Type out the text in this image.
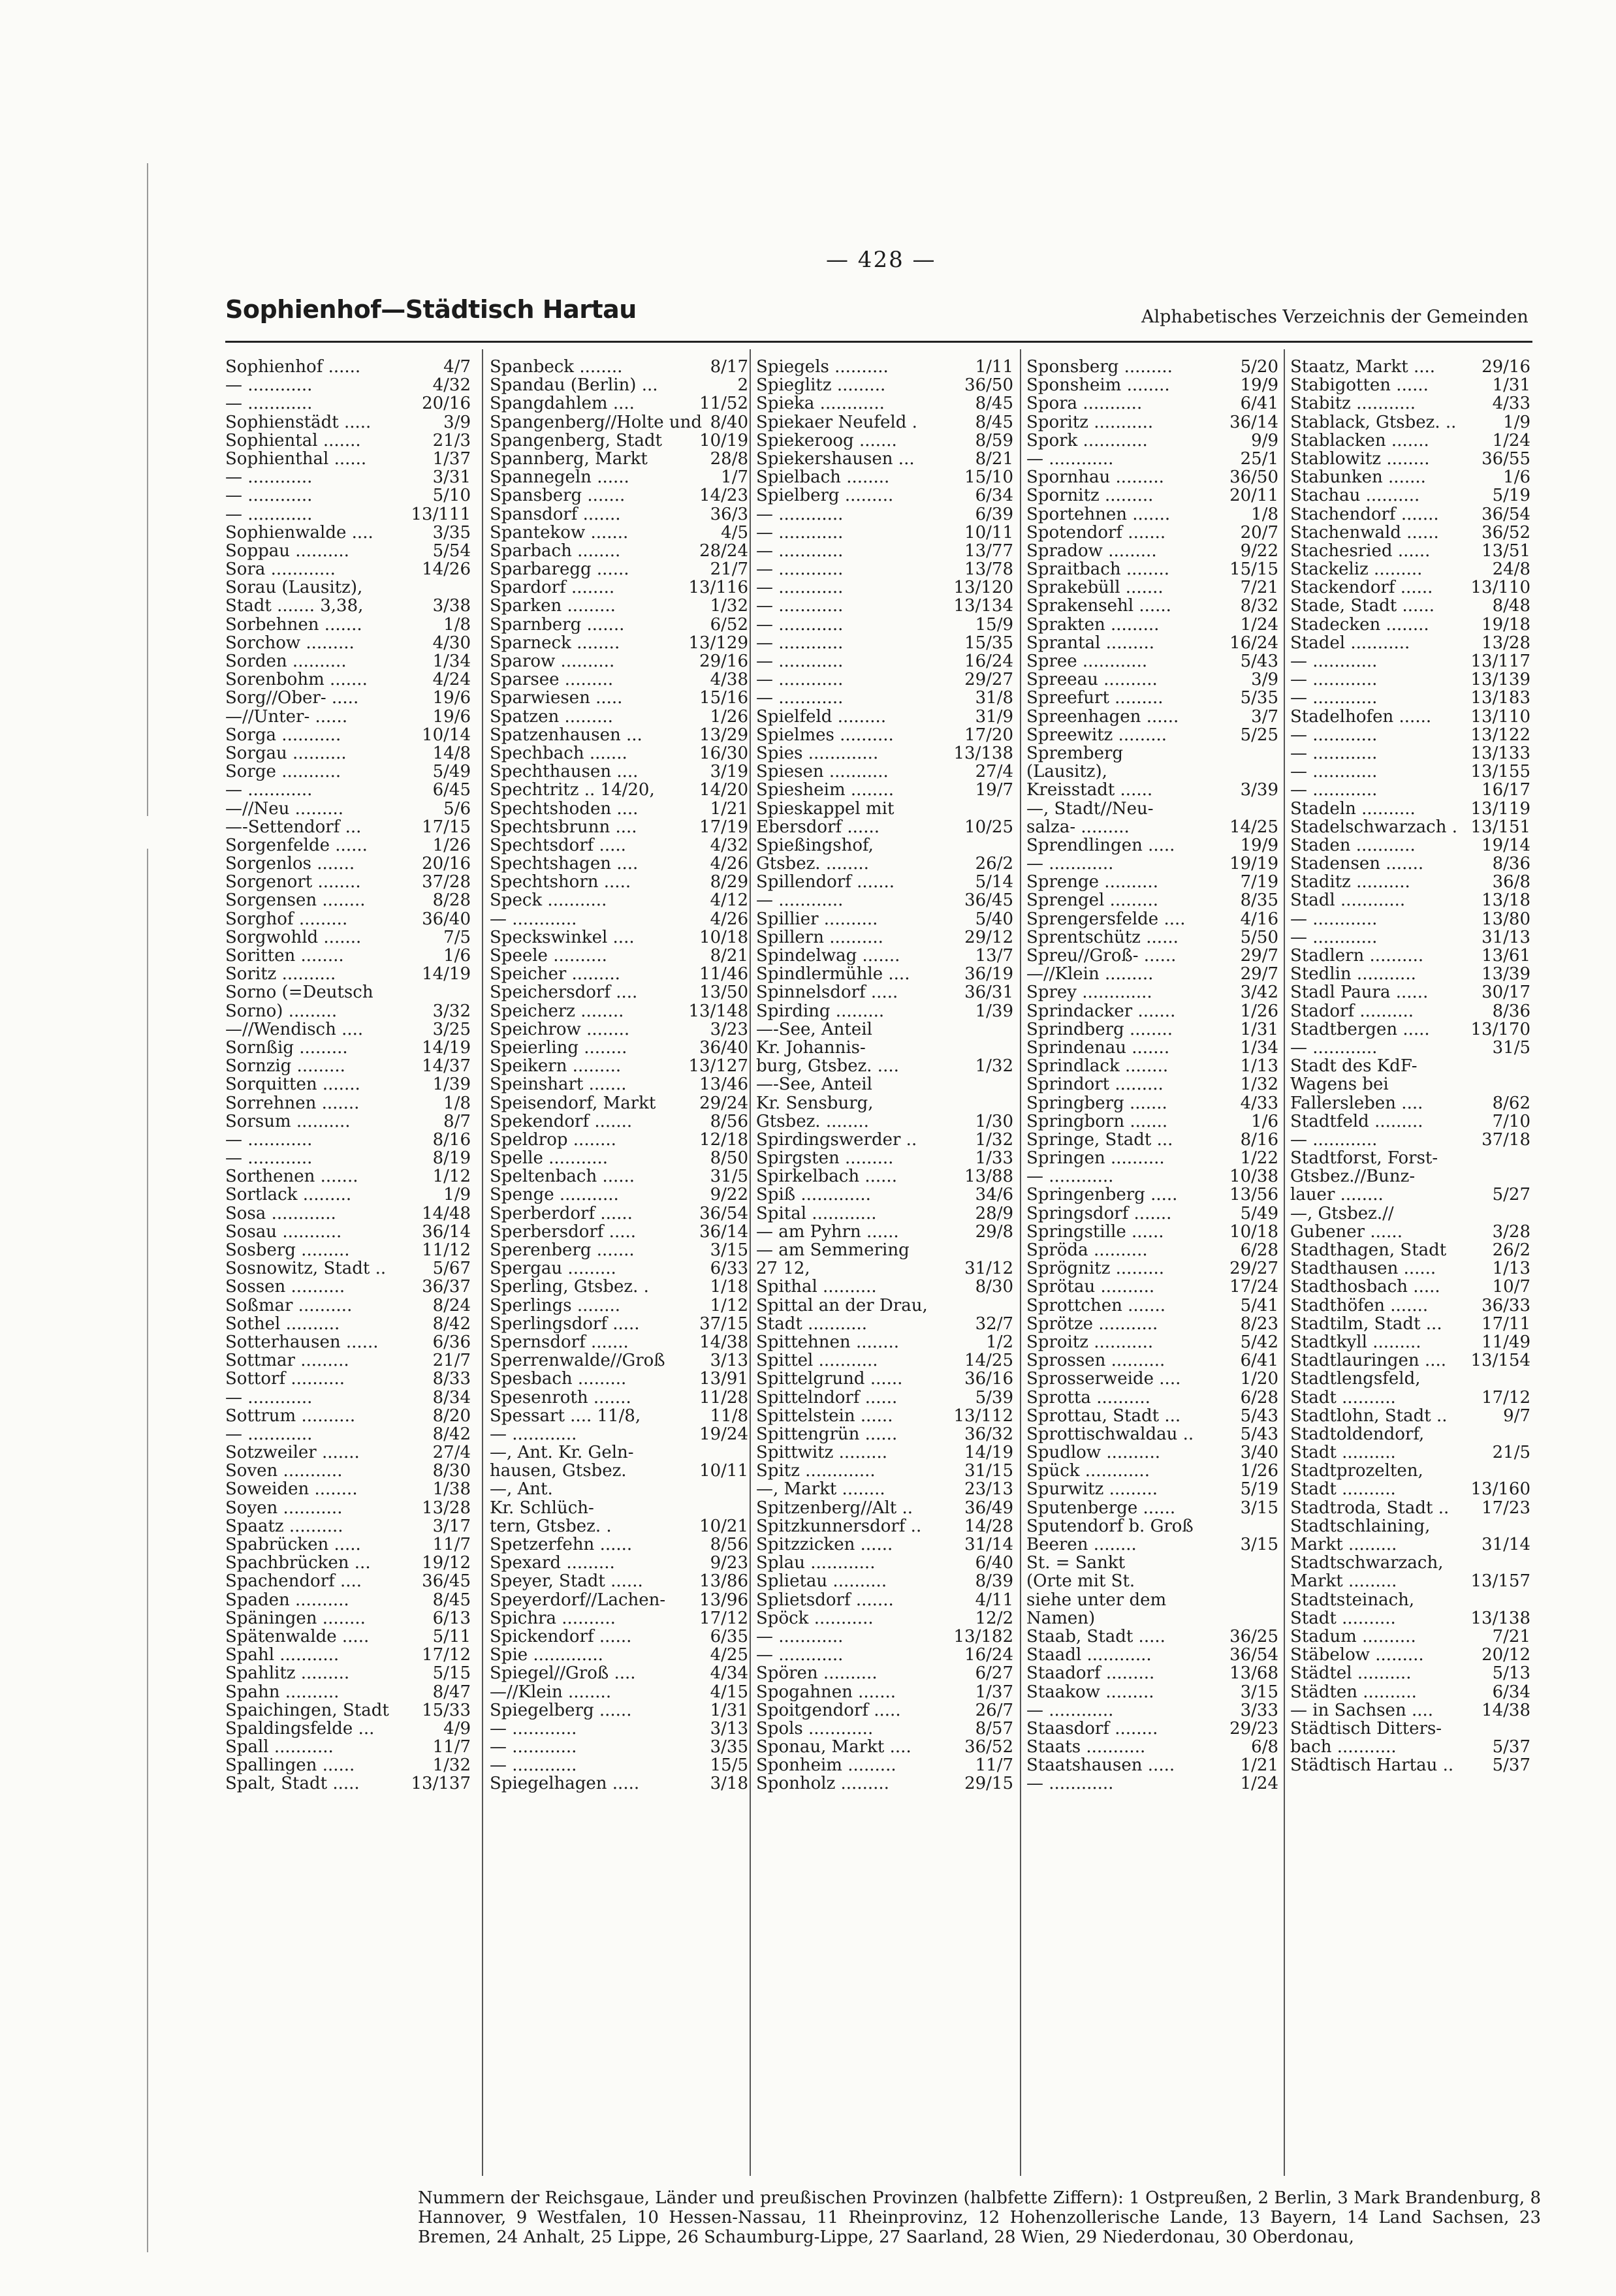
— 428 —
Sophienhof—Städtisch Hartau	Alphabetisches Verzeichnis der Gemeinden
Sophienhof ......	4/7
— ............	4/32
— ............	20/16
Sophienstädt .....	3/9
Sophiental .......	21/3
Sophienthal ......	1/37
— ............	3/31
— ............	5/10
— ............	13/111
Sophienwalde ....	3/35
Soppau ..........	5/54
Sora ............	14/26
Sorau (Lausitz),
Stadt ....... 3,38,	3/38
Sorbehnen .......	1/8
Sorchow .........	4/30
Sorden ..........	1/34
Sorenbohm .......	4/24
Sorg//Ober- .....	19/6
—//Unter- ......	19/6
Sorga ...........	10/14
Sorgau ..........	14/8
Sorge ...........	5/49
— ............	6/45
—//Neu .........	5/6
—-Settendorf ...	17/15
Sorgenfelde ......	1/26
Sorgenlos .......	20/16
Sorgenort ........	37/28
Sorgensen ........	8/28
Sorghof .........	36/40
Sorgwohld .......	7/5
Soritten ........	1/6
Soritz ..........	14/19
Sorno (=Deutsch
Sorno) .........	3/32
—//Wendisch ....	3/25
Sornßig .........	14/19
Sornzig .........	14/37
Sorquitten .......	1/39
Sorrehnen .......	1/8
Sorsum ..........	8/7
— ............	8/16
— ............	8/19
Sorthenen .......	1/12
Sortlack .........	1/9
Sosa ............	14/48
Sosau ...........	36/14
Sosberg .........	11/12
Sosnowitz, Stadt ..	5/67
Sossen ..........	36/37
Soßmar ..........	8/24
Sothel ..........	8/42
Sotterhausen ......	6/36
Sottmar .........	21/7
Sottorf ..........	8/33
— ............	8/34
Sottrum ..........	8/20
— ............	8/42
Sotzweiler .......	27/4
Soven ...........	8/30
Soweiden ........	1/38
Soyen ...........	13/28
Spaatz ..........	3/17
Spabrücken .....	11/7
Spachbrücken ...	19/12
Spachendorf ....	36/45
Spaden ..........	8/45
Späningen ........	6/13
Spätenwalde .....	5/11
Spahl ...........	17/12
Spahlitz .........	5/15
Spahn ..........	8/47
Spaichingen, Stadt 15/33
Spaldingsfelde ...	4/9
Spall ...........	11/7
Spallingen ......	1/32
Spalt, Stadt .....	13/137
Spanbeck ........	8/17
Spandau (Berlin) ...	2
Spangdahlem ....	11/52
Spangenberg//Holte und 8/40
Spangenberg, Stadt 10/19
Spannberg, Markt	28/8
Spannegeln ......	1/7
Spansberg .......	14/23
Spansdorf .......	36/3
Spantekow .......	4/5
Sparbach ........	28/24
Sparbaregg ......	21/7
Spardorf ........	13/116
Sparken .........	1/32
Sparnberg .......	6/52
Sparneck ........	13/129
Sparow ..........	29/16
Sparsee .........	4/38
Sparwiesen .....	15/16
Spatzen .........	1/26
Spatzenhausen ...	13/29
Spechbach .......	16/30
Spechthausen ....	3/19
Spechtritz .. 14/20,	14/20
Spechtshoden ....	1/21
Spechtsbrunn ....	17/19
Spechtsdorf .....	4/32
Spechtshagen ....	4/26
Spechtshorn .....	8/29
Speck ...........	4/12
— ............	4/26
Speckswinkel ....	10/18
Speele ..........	8/21
Speicher .........	11/46
Speichersdorf ....	13/50
Speicherz ........	13/148
Speichrow ........	3/23
Speierling ........	36/40
Speikern .........	13/127
Speinshart .......	13/46
Speisendorf, Markt	29/24
Spekendorf .......	8/56
Speldrop ........	12/18
Spelle ...........	8/50
Speltenbach ......	31/5
Spenge ...........	9/22
Sperberdorf ......	36/54
Sperbersdorf .....	36/14
Sperenberg .......	3/15
Spergau .........	6/33
Sperling, Gtsbez. .	1/18
Sperlings ........	1/12
Sperlingsdorf .....	37/15
Spernsdorf .......	14/38
Sperrenwalde//Groß	3/13
Spesbach .........	13/91
Spesenroth .......	11/28
Spessart .... 11/8,	11/8
— ............	19/24
—, Ant. Kr. Geln-
hausen, Gtsbez.	10/11
—, Ant.
Kr. Schlüch-
tern, Gtsbez. .	10/21
Spetzerfehn ......	8/56
Spexard .........	9/23
Speyer, Stadt ......	13/86
Speyerdorf//Lachen- 13/96
Spichra ..........	17/12
Spickendorf ......	6/35
Spie .............	4/25
Spiegel//Groß ....	4/34
—//Klein ........	4/15
Spiegelberg ......	1/31
— ............	3/13
— ............	3/35
— ............	15/5
Spiegelhagen .....	3/18
Spiegels ..........	1/11
Spieglitz .........	36/50
Spieka ............	8/45
Spiekaer Neufeld .	8/45
Spiekeroog .......	8/59
Spiekershausen ...	8/21
Spielbach ........	15/10
Spielberg .........	6/34
— ............	6/39
— ............	10/11
— ............	13/77
— ............	13/78
— ............	13/120
— ............	13/134
— ............	15/9
— ............	15/35
— ............	16/24
— ............	29/27
— ............	31/8
Spielfeld .........	31/9
Spielmes ..........	17/20
Spies .............	13/138
Spiesen ...........	27/4
Spiesheim ........	19/7
Spieskappel mit
Ebersdorf ......	10/25
Spießingshof,
Gtsbez. ........	26/2
Spillendorf .......	5/14
— ............	36/45
Spillier ..........	5/40
Spillern ..........	29/12
Spindelwag .......	13/7
Spindlermühle ....	36/19
Spinnelsdorf .....	36/31
Spirding .........	1/39
—-See, Anteil
Kr. Johannis-
burg, Gtsbez. ....	1/32
—-See, Anteil
Kr. Sensburg,
Gtsbez. ........	1/30
Spirdingswerder ..	1/32
Spirgsten .........	1/33
Spirkelbach ......	13/88
Spiß .............	34/6
Spital ............	28/9
— am Pyhrn ......	29/8
— am Semmering
27 12,	31/12
Spithal ..........	8/30
Spittal an der Drau,
Stadt ...........	32/7
Spittehnen ........	1/2
Spittel ...........	14/25
Spittelgrund ......	36/16
Spittelndorf ......	5/39
Spittelstein ......	13/112
Spittengrün ......	36/32
Spittwitz .........	14/19
Spitz .............	31/15
—, Markt ........	23/13
Spitzenberg//Alt ..	36/49
Spitzkunnersdorf ..	14/28
Spitzzicken ......	31/14
Splau ............	6/40
Splietau ..........	8/39
Splietsdorf .......	4/11
Spöck ...........	12/2
— ............	13/182
— ............	16/24
Spören ..........	6/27
Spogahnen .......	1/37
Spoitgendorf .....	26/7
Spols ............	8/57
Sponau, Markt ....	36/52
Sponheim .........	11/7
Sponholz .........	29/15
Sponsberg .........	5/20
Sponsheim ........	19/9
Spora ...........	6/41
Sporitz ...........	36/14
Spork ............	9/9
— ............	25/1
Spornhau .........	36/50
Spornitz .........	20/11
Sportehnen .......	1/8
Spotendorf .......	20/7
Spradow .........	9/22
Spraitbach ........	15/15
Sprakebüll .......	7/21
Sprakensehl ......	8/32
Sprakten .........	1/24
Sprantal .........	16/24
Spree ............	5/43
Spreeau ..........	3/9
Spreefurt .........	5/35
Spreenhagen ......	3/7
Spreewitz .........	5/25
Spremberg
(Lausitz),
Kreisstadt ......	3/39
—, Stadt//Neu-
salza- .........	14/25
Sprendlingen .....	19/9
— ............	19/19
Sprenge ..........	7/19
Sprengel .........	8/35
Sprengersfelde ....	4/16
Sprentschütz ......	5/50
Spreu//Groß- ......	29/7
—//Klein .........	29/7
Sprey .............	3/42
Sprindacker .......	1/26
Sprindberg ........	1/31
Sprindenau .......	1/34
Sprindlack ........	1/13
Sprindort .........	1/32
Springberg .......	4/33
Springborn .......	1/6
Springe, Stadt ...	8/16
Springen ..........	1/22
— ............	10/38
Springenberg .....	13/56
Springsdorf .......	5/49
Springstille ......	10/18
Spröda ..........	6/28
Sprögnitz .........	29/27
Sprötau ..........	17/24
Sprottchen .......	5/41
Sprötze ...........	8/23
Sproitz ...........	5/42
Sprossen ..........	6/41
Sprosserweide ....	1/20
Sprotta ..........	6/28
Sprottau, Stadt ...	5/43
Sprottischwaldau ..	5/43
Spudlow ..........	3/40
Spück ............	1/26
Spurwitz .........	5/19
Sputenberge ......	3/15
Sputendorf b. Groß
Beeren ........	3/15
St. = Sankt
(Orte mit St.
siehe unter dem
Namen)
Staab, Stadt .....	36/25
Staadl ............	36/54
Staadorf .........	13/68
Staakow .........	3/15
— ............	3/33
Staasdorf ........	29/23
Staats ...........	6/8
Staatshausen .....	1/21
— ............	1/24
Staatz, Markt ....	29/16
Stabigotten ......	1/31
Stabitz ...........	4/33
Stablack, Gtsbez. ..	1/9
Stablacken .......	1/24
Stablowitz ........	36/55
Stabunken .......	1/6
Stachau ..........	5/19
Stachendorf .......	36/54
Stachenwald ......	36/52
Stachesried ......	13/51
Stackeliz .........	24/8
Stackendorf ...... 13/110
Stade, Stadt ......	8/48
Stadecken ........	19/18
Stadel ...........	13/28
— ............	13/117
— ............	13/139
— ............	13/183
Stadelhofen ...... 13/110
— ............	13/122
— ............	13/133
— ............	13/155
— ............	16/17
Stadeln ..........	13/119
Stadelschwarzach . 13/151
Staden ...........	19/14
Stadensen .......	8/36
Staditz ..........	36/8
Stadl ............	13/18
— ............	13/80
— ............	31/13
Stadlern ..........	13/61
Stedlin ...........	13/39
Stadl Paura ......	30/17
Stadorf ..........	8/36
Stadtbergen ..... 13/170
— ............	31/5
Stadt des KdF-
Wagens bei
Fallersleben ....	8/62
Stadtfeld .........	7/10
— ............	37/18
Stadtforst, Forst-
Gtsbez.//Bunz-
lauer ........	5/27
—, Gtsbez.//
Gubener ......	3/28
Stadthagen, Stadt	26/2
Stadthausen ......	1/13
Stadthosbach .....	10/7
Stadthöfen .......	36/33
Stadtilm, Stadt ... 17/11
Stadtkyll .........	11/49
Stadtlauringen .... 13/154
Stadtlengsfeld,
Stadt ..........	17/12
Stadtlohn, Stadt ..	9/7
Stadtoldendorf,
Stadt ..........	21/5
Stadtprozelten,
Stadt ..........	13/160
Stadtroda, Stadt .. 17/23
Stadtschlaining,
Markt .........	31/14
Stadtschwarzach,
Markt .........	13/157
Stadtsteinach,
Stadt ..........	13/138
Stadum ..........	7/21
Stäbelow .........	20/12
Städtel ..........	5/13
Städten ..........	6/34
— in Sachsen ....	14/38
Städtisch Ditters-
bach ...........	5/37
Städtisch Hartau .. 5/37
Nummern der Reichsgaue, Länder und preußischen Provinzen (halbfette Ziffern): 1 Ostpreußen, 2 Berlin, 3 Mark Brandenburg, 8 Hannover, 9 Westfalen, 10 Hessen-Nassau, 11 Rheinprovinz, 12 Hohenzollerische Lande, 13 Bayern, 14 Land Sachsen, 23 Bremen, 24 Anhalt, 25 Lippe, 26 Schaumburg-Lippe, 27 Saarland, 28 Wien, 29 Niederdonau, 30 Oberdonau,
